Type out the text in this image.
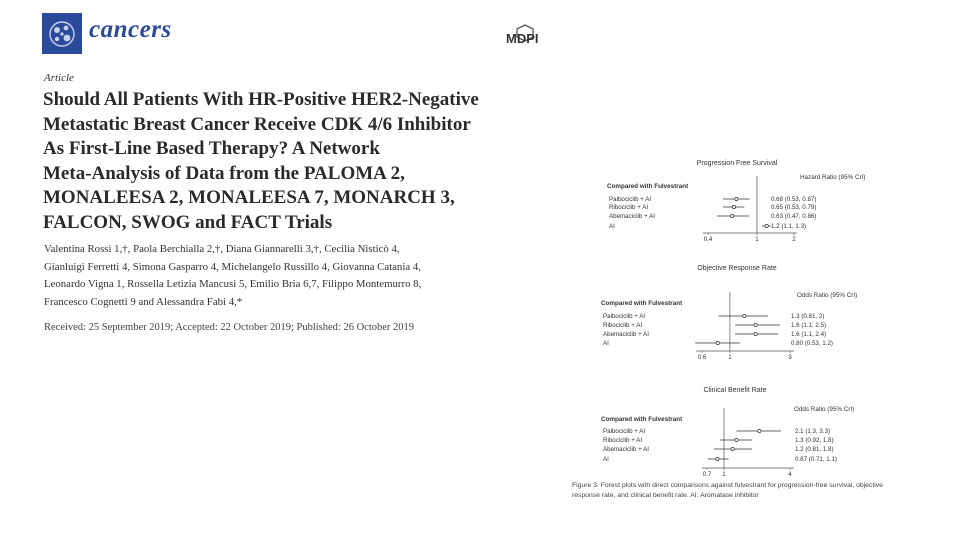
cancers	MDPI
Article
Should All Patients With HR-Positive HER2-Negative
Metastatic Breast Cancer Receive CDK 4/6 Inhibitor
As First-Line Based Therapy? A Network
Meta-Analysis of Data from the PALOMA 2,
MONALEESA 2, MONALEESA 7, MONARCH 3,
FALCON, SWOG and FACT Trials
Valentina Rossi 1,†, Paola Berchialla 2,†, Diana Giannarelli 3,†, Cecilia Nisticò 4,
Gianluigi Ferretti 4, Simona Gasparro 4, Michelangelo Russillo 4, Giovanna Catania 4,
Leonardo Vigna 1, Rossella Letizia Mancusi 5, Emilio Bria 6,7, Filippo Montemurro 8,
Francesco Cognetti 9 and Alessandra Fabi 4,*
Received: 25 September 2019; Accepted: 22 October 2019; Published: 26 October 2019
Progression Free Survival
Hazard Ratio (95% CrI)
Compared with Fulvestrant
0.4	1	2
Palbociclib + AI	0.68 (0.53, 0.87)
Ribociclib + AI	0.65 (0.53, 0.79)
Abemaciclib + AI	0.63 (0.47, 0.86)
AI	1.2 (1.1, 1.3)
Objective Response Rate
Odds Ratio (95% CrI)
Compared with Fulvestrant
0.6	1	3
Palbociclib + AI	1.3 (0.81, 2)
Ribociclib + AI	1.6 (1.1, 2.5)
Abemaciclib + AI	1.6 (1.1, 2.4)
AI	0.80 (0.53, 1.2)
Clinical Benefit Rate
Odds Ratio (95% CrI)
Compared with Fulvestrant
0.7 1	4
Palbociclib + AI	2.1 (1.3, 3.3)
Ribociclib + AI	1.3 (0.92, 1.8)
Abemaciclib + AI	1.2 (0.81, 1.8)
AI	0.87 (0.71, 1.1)
Figure 3. Forest plots with direct comparisons against fulvestrant for progression-free survival, objective response rate, and clinical benefit rate. AI: Aromatase inhibitor
